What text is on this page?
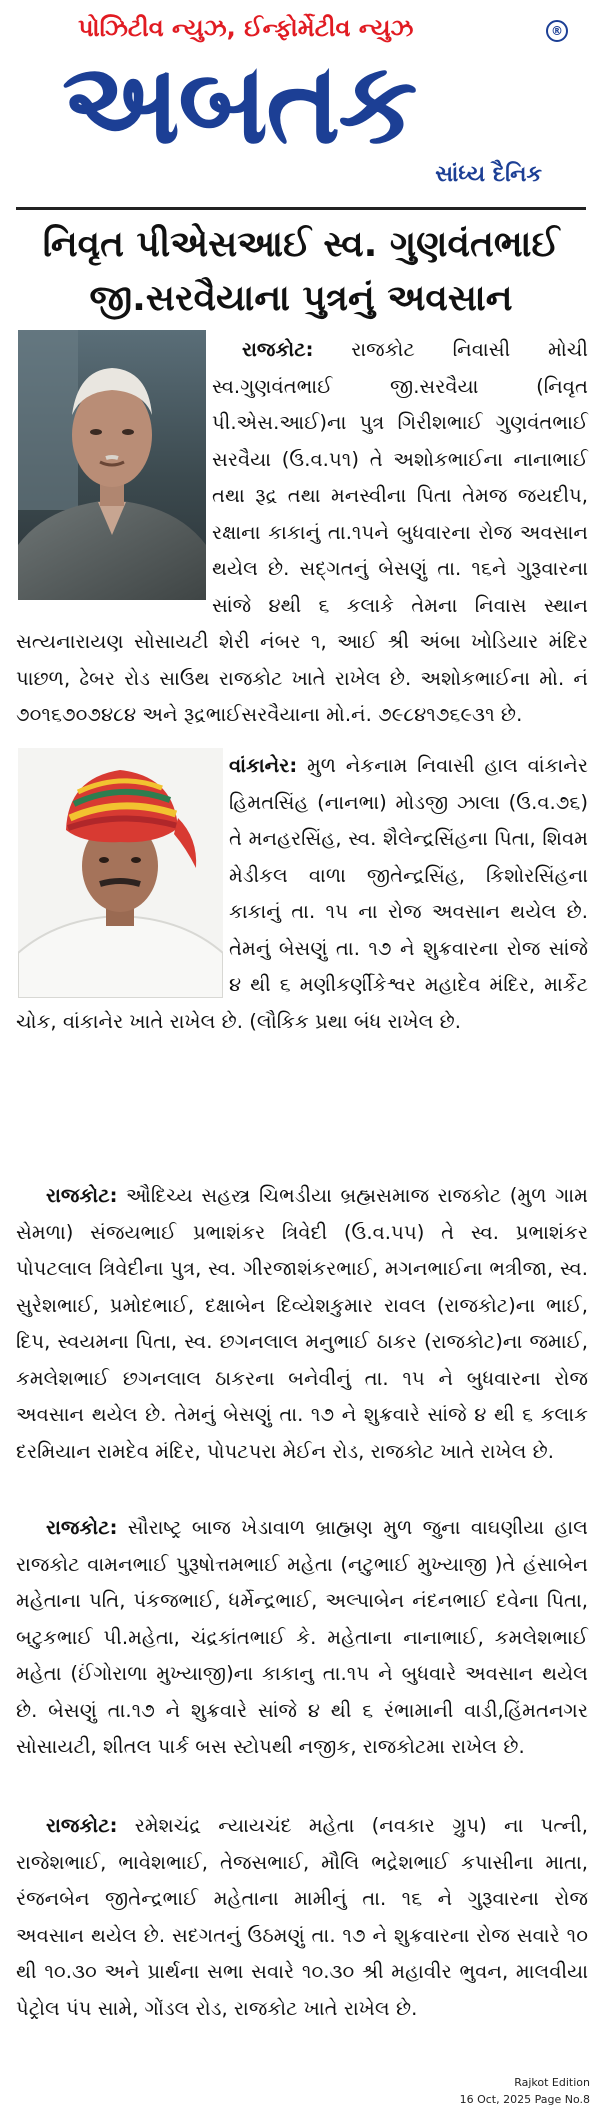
પોઝિટીવ ન્યુઝ, ઈન્ફોર્મેટીવ ન્યુઝ
અબતક
®
સાંધ્ય દૈનિક
નિવૃત પીએસઆઈ સ્વ. ગુણવંતભાઈ જી.સરવૈયાના પુત્રનું અવસાન
રાજકોટ: રાજકોટ નિવાસી મોચી સ્વ.ગુણવંતભાઈ જી.સરવૈયા (નિવૃત પી.એસ.આઈ)ના પુત્ર ગિરીશભાઈ ગુણવંતભાઈ સરવૈયા (ઉ.વ.૫૧) તે અશોકભાઈના નાનાભાઈ તથા રૂદ્ર તથા મનસ્વીના પિતા તેમજ જયદીપ, રક્ષાના કાકાનું તા.૧૫ને બુધવારના રોજ અવસાન થયેલ છે. સદ્ગતનું બેસણું તા. ૧૬ને ગુરૂવારના સાંજે ૪થી ૬ કલાકે તેમના નિવાસ સ્થાન સત્યનારાયણ સોસાયટી શેરી નંબર ૧, આઈ શ્રી અંબા ખોડિયાર મંદિર પાછળ, ઢેબર રોડ સાઉથ રાજકોટ ખાતે રાખેલ છે. અશોકભાઈના મો. નં ૭૦૧૬૭૦૭૪૮૪ અને રૂદ્રભાઈસરવૈયાના મો.નં. ૭૯૮૪૧૭૬૯૩૧ છે.
વાંકાનેર: મુળ નેકનામ નિવાસી હાલ વાંકાનેર હિમતસિંહ (નાનભા) મોડજી ઝાલા (ઉ.વ.૭૬) તે મનહરસિંહ, સ્વ. શૈલેન્દ્રસિંહના પિતા, શિવમ મેડીકલ વાળા જીતેન્દ્રસિંહ, કિશોરસિંહના કાકાનું તા. ૧૫ ના રોજ અવસાન થયેલ છે. તેમનું બેસણું તા. ૧૭ ને શુક્રવારના રોજ સાંજે ૪ થી ૬ મણીકર્ણીકેશ્વર મહાદેવ મંદિર, માર્કેટ ચોક, વાંકાનેર ખાતે રાખેલ છે. (લૌકિક પ્રથા બંધ રાખેલ છે.
રાજકોટ: ઔદિચ્ય સહસ્ત્ર ચિભડીયા બ્રહ્મસમાજ રાજકોટ (મુળ ગામ સેમળા) સંજયભાઈ પ્રભાશંકર ત્રિવેદી (ઉ.વ.૫૫) તે સ્વ. પ્રભાશંકર પોપટલાલ ત્રિવેદીના પુત્ર, સ્વ. ગીરજાશંકરભાઈ, મગનભાઈના ભત્રીજા, સ્વ. સુરેશભાઈ, પ્રમોદભાઈ, દક્ષાબેન દિવ્યેશકુમાર રાવલ (રાજકોટ)ના ભાઈ, દિપ, સ્વયમના પિતા, સ્વ. છગનલાલ મનુભાઈ ઠાકર (રાજકોટ)ના જમાઈ, કમલેશભાઈ છગનલાલ ઠાકરના બનેવીનું તા. ૧૫ ને બુધવારના રોજ અવસાન થયેલ છે. તેમનું બેસણું તા. ૧૭ ને શુક્રવારે સાંજે ૪ થી ૬ કલાક દરમિયાન રામદેવ મંદિર, પોપટપરા મેઈન રોડ, રાજકોટ ખાતે રાખેલ છે.
રાજકોટ: સૌરાષ્ટ્ર બાજ ખેડાવાળ બ્રાહ્મણ મુળ જુના વાઘણીયા હાલ રાજકોટ વામનભાઈ પુરૂષોત્તમભાઈ મહેતા (નટુભાઈ મુખ્યાજી )તે હંસાબેન મહેતાના પતિ, પંકજભાઈ, ધર્મેન્દ્રભાઈ, અલ્પાબેન નંદનભાઈ દવેના પિતા, બટુકભાઈ પી.મહેતા, ચંદ્રકાંતભાઈ કે. મહેતાના નાનાભાઈ, કમલેશભાઈ મહેતા (ઈંગોરાળા મુખ્યાજી)ના કાકાનુ તા.૧૫ ને બુધવારે અવસાન થયેલ છે. બેસણું તા.૧૭ ને શુક્રવારે સાંજે ૪ થી ૬ રંભામાની વાડી,હિંમતનગર સોસાયટી, શીતલ પાર્ક બસ સ્ટોપથી નજીક, રાજકોટમા રાખેલ છે.
રાજકોટ: રમેશચંદ્ર ન્યાયચંદ મહેતા (નવકાર ગ્રુપ) ના પત્ની, રાજેશભાઈ, ભાવેશભાઈ, તેજસભાઈ, મૌલિ ભદ્રેશભાઈ કપાસીના માતા, રંજનબેન જીતેન્દ્રભાઈ મહેતાના મામીનું તા. ૧૬ ને ગુરૂવારના રોજ અવસાન થયેલ છે. સદગતનું ઉઠમણું તા. ૧૭ ને શુક્રવારના રોજ સવારે ૧૦ થી ૧૦.૩૦ અને પ્રાર્થના સભા સવારે ૧૦.૩૦ શ્રી મહાવીર ભુવન, માલવીયા પેટ્રોલ પંપ સામે, ગોંડલ રોડ, રાજકોટ ખાતે રાખેલ છે.
Rajkot Edition
16 Oct, 2025 Page No.8
